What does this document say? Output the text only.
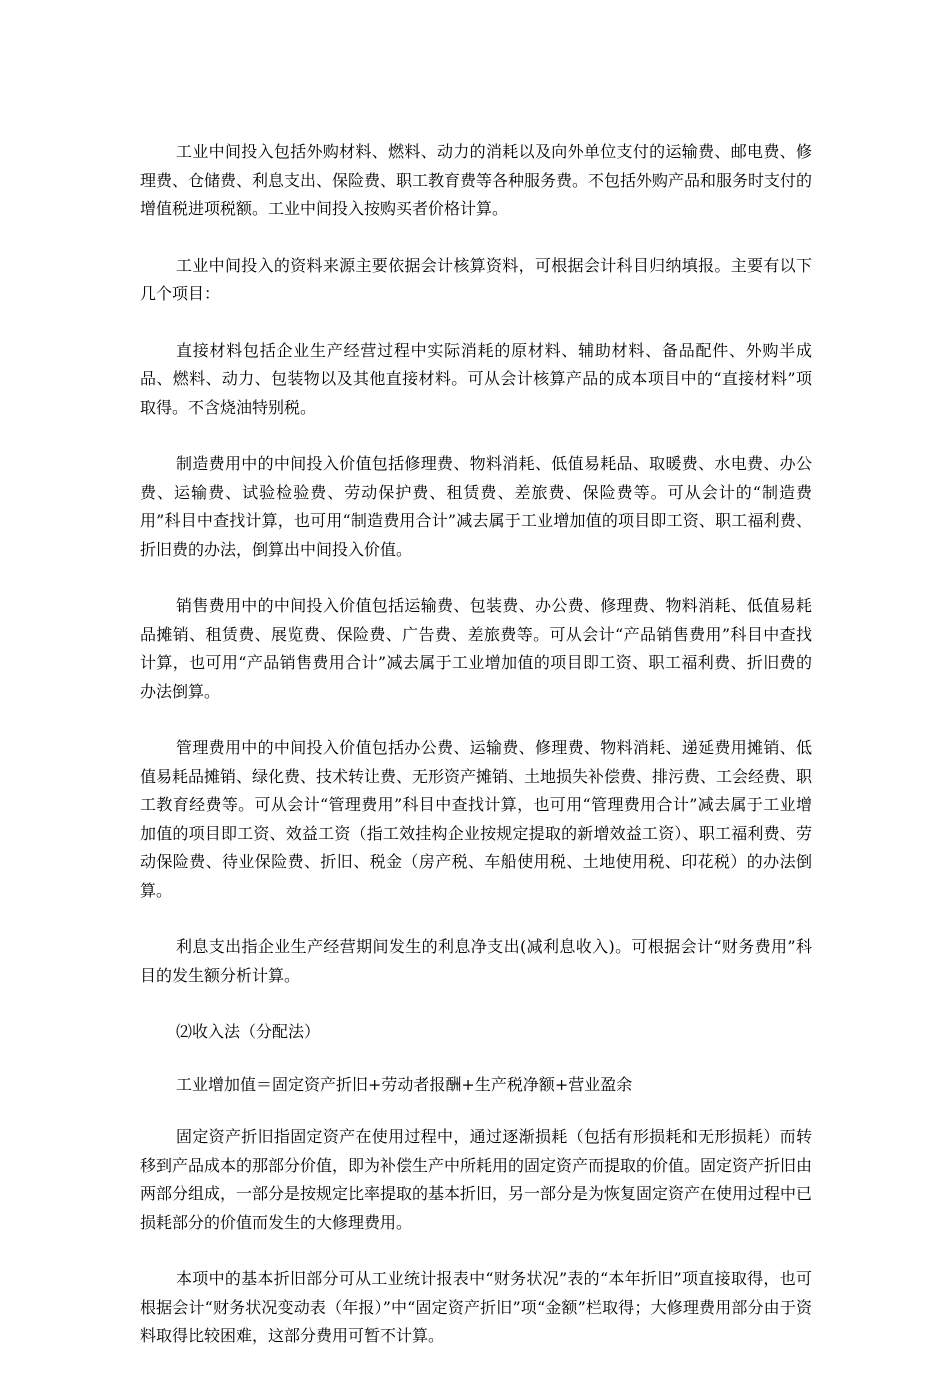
工业中间投入包括外购材料、燃料、动力的消耗以及向外单位支付的运输费、邮电费、修理费、仓储费、利息支出、保险费、职工教育费等各种服务费。不包括外购产品和服务时支付的增值税进项税额。工业中间投入按购买者价格计算。

工业中间投入的资料来源主要依据会计核算资料，可根据会计科目归纳填报。主要有以下几个项目：

直接材料包括企业生产经营过程中实际消耗的原材料、辅助材料、备品配件、外购半成品、燃料、动力、包装物以及其他直接材料。可从会计核算产品的成本项目中的“直接材料”项取得。不含烧油特别税。

制造费用中的中间投入价值包括修理费、物料消耗、低值易耗品、取暖费、水电费、办公费、运输费、试验检验费、劳动保护费、租赁费、差旅费、保险费等。可从会计的“制造费用”科目中查找计算，也可用“制造费用合计”减去属于工业增加值的项目即工资、职工福利费、折旧费的办法，倒算出中间投入价值。

销售费用中的中间投入价值包括运输费、包装费、办公费、修理费、物料消耗、低值易耗品摊销、租赁费、展览费、保险费、广告费、差旅费等。可从会计“产品销售费用”科目中查找计算，也可用“产品销售费用合计”减去属于工业增加值的项目即工资、职工福利费、折旧费的办法倒算。

管理费用中的中间投入价值包括办公费、运输费、修理费、物料消耗、递延费用摊销、低值易耗品摊销、绿化费、技术转让费、无形资产摊销、土地损失补偿费、排污费、工会经费、职工教育经费等。可从会计“管理费用”科目中查找计算，也可用“管理费用合计”减去属于工业增加值的项目即工资、效益工资（指工效挂构企业按规定提取的新增效益工资）、职工福利费、劳动保险费、待业保险费、折旧、税金（房产税、车船使用税、土地使用税、印花税）的办法倒算。

利息支出指企业生产经营期间发生的利息净支出(减利息收入)。可根据会计“财务费用”科目的发生额分析计算。

⑵收入法（分配法）

工业增加值＝固定资产折旧+劳动者报酬+生产税净额+营业盈余

固定资产折旧指固定资产在使用过程中，通过逐渐损耗（包括有形损耗和无形损耗）而转移到产品成本的那部分价值，即为补偿生产中所耗用的固定资产而提取的价值。固定资产折旧由两部分组成，一部分是按规定比率提取的基本折旧，另一部分是为恢复固定资产在使用过程中已损耗部分的价值而发生的大修理费用。

本项中的基本折旧部分可从工业统计报表中“财务状况”表的“本年折旧”项直接取得，也可根据会计“财务状况变动表（年报）”中“固定资产折旧”项“金额”栏取得；大修理费用部分由于资料取得比较困难，这部分费用可暂不计算。
